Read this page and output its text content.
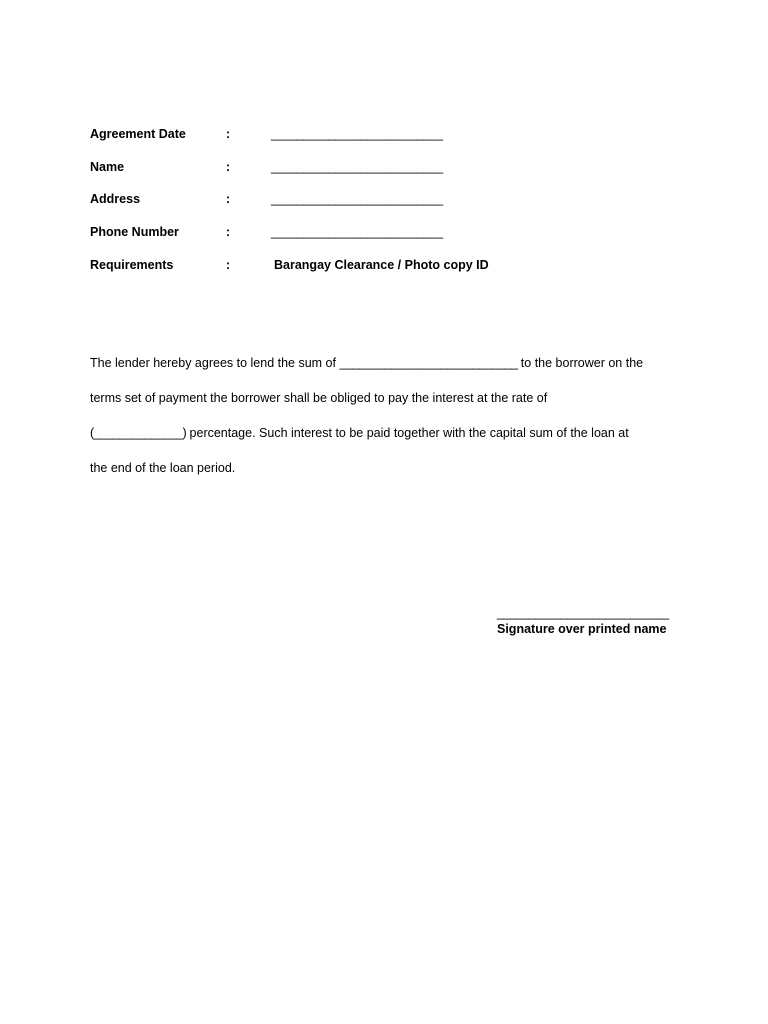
Agreement Date	:	___________________________
Name	:	___________________________
Address	:	___________________________
Phone Number	:	___________________________
Requirements	:	Barangay Clearance / Photo copy ID
The lender hereby agrees to lend the sum of ____________________________ to the borrower on the
terms set of payment the borrower shall be obliged to pay the interest at the rate of
(______________) percentage. Such interest to be paid together with the capital sum of the loan at
the end of the loan period.
___________________________
Signature over printed name
